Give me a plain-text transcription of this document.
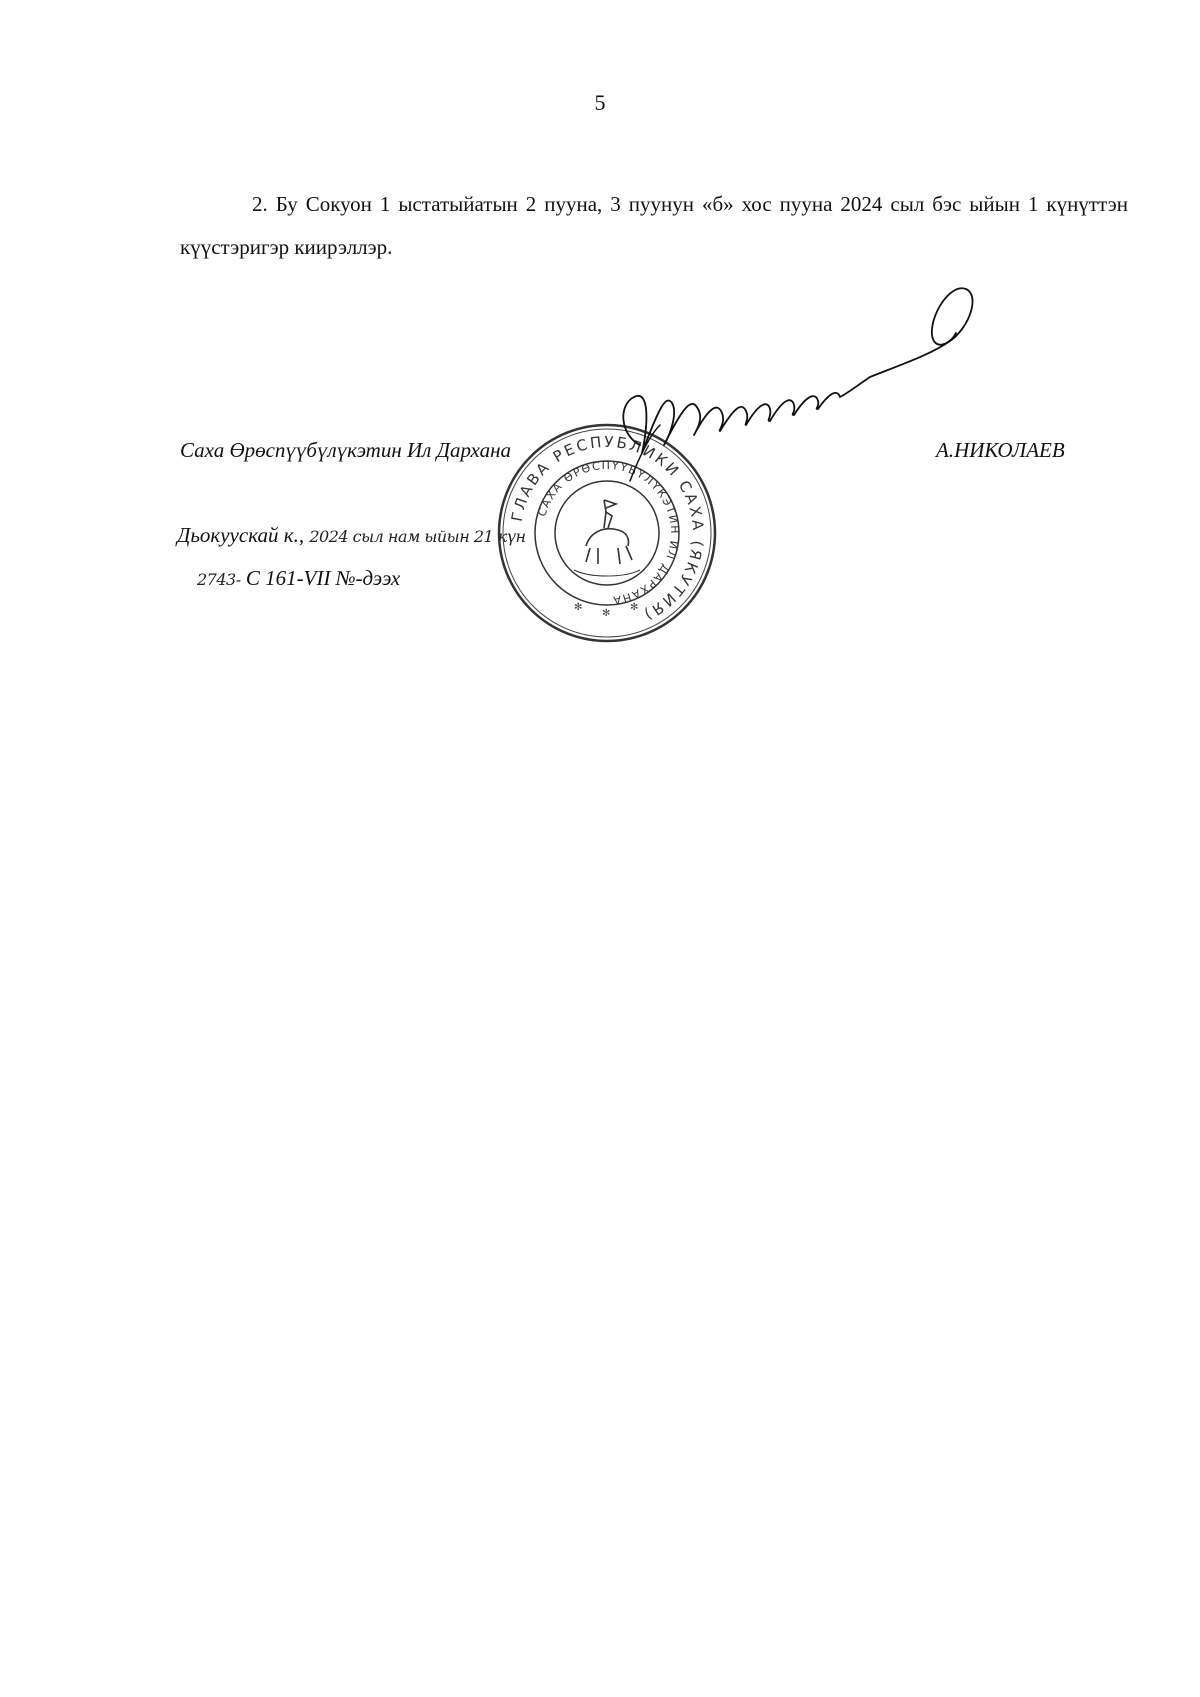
5

2. Бу Сокуон 1 ыстатыйатын 2 пуунa, 3 пуунун «б» хос пуунa 2024 сыл бэс ыйын 1 күнүттэн күүстэригэр киирэллэр.

Саха Өрөспүүбүлүкэтин Ил Дарханa	А.НИКОЛАЕВ
Дьокуускай к., 2024 сыл нам ыйын 21 күн
2743- С 161-VII №-дээх
ГЛАВА РЕСПУБЛИКИ САХА (ЯКУТИЯ)
САХА ӨРӨСПҮҮБҮЛҮКЭТИН ИЛ ДАРХАНA
✻
✻
✻
